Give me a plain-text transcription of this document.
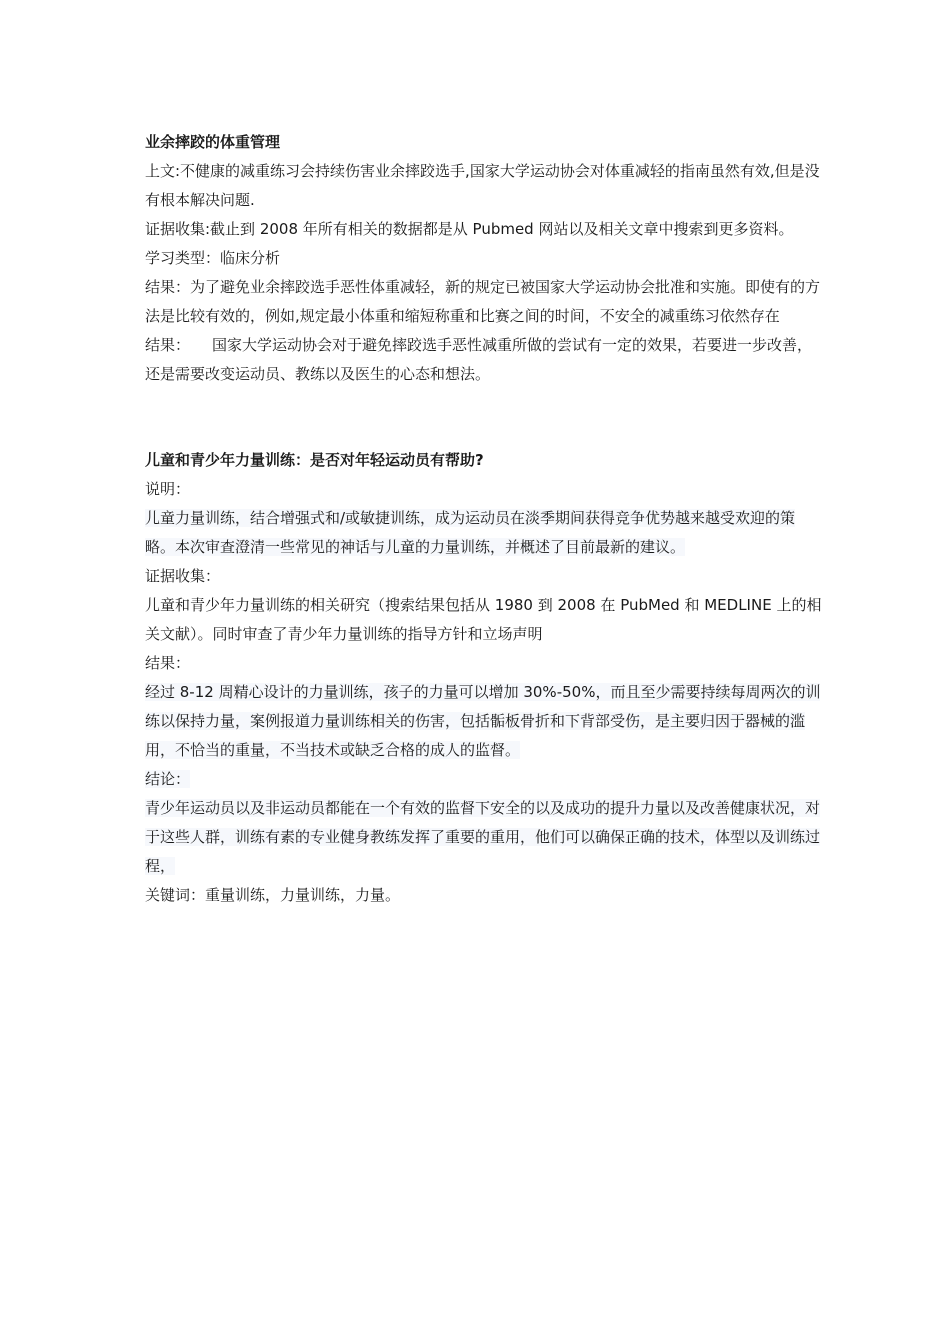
业余摔跤的体重管理

上文:不健康的减重练习会持续伤害业余摔跤选手,国家大学运动协会对体重减轻的指南虽然有效,但是没有根本解决问题.

证据收集:截止到 2008 年所有相关的数据都是从 Pubmed 网站以及相关文章中搜索到更多资料。

学习类型：临床分析

结果：为了避免业余摔跤选手恶性体重减轻，新的规定已被国家大学运动协会批准和实施。即使有的方法是比较有效的，例如,规定最小体重和缩短称重和比赛之间的时间，不安全的减重练习依然存在

结果： 国家大学运动协会对于避免摔跤选手恶性减重所做的尝试有一定的效果，若要进一步改善，还是需要改变运动员、教练以及医生的心态和想法。

儿童和青少年力量训练：是否对年轻运动员有帮助?

说明：

儿童力量训练，结合增强式和/或敏捷训练，成为运动员在淡季期间获得竞争优势越来越受欢迎的策略。本次审查澄清一些常见的神话与儿童的力量训练，并概述了目前最新的建议。

证据收集：

儿童和青少年力量训练的相关研究（搜索结果包括从 1980 到 2008 在 PubMed 和 MEDLINE 上的相关文献）。同时审查了青少年力量训练的指导方针和立场声明

结果：

经过 8-12 周精心设计的力量训练，孩子的力量可以增加 30%-50%，而且至少需要持续每周两次的训练以保持力量，案例报道力量训练相关的伤害，包括骺板骨折和下背部受伤，是主要归因于器械的滥用，不恰当的重量，不当技术或缺乏合格的成人的监督。

结论：

青少年运动员以及非运动员都能在一个有效的监督下安全的以及成功的提升力量以及改善健康状况，对于这些人群，训练有素的专业健身教练发挥了重要的重用，他们可以确保正确的技术，体型以及训练过程，

关键词：重量训练，力量训练，力量。
